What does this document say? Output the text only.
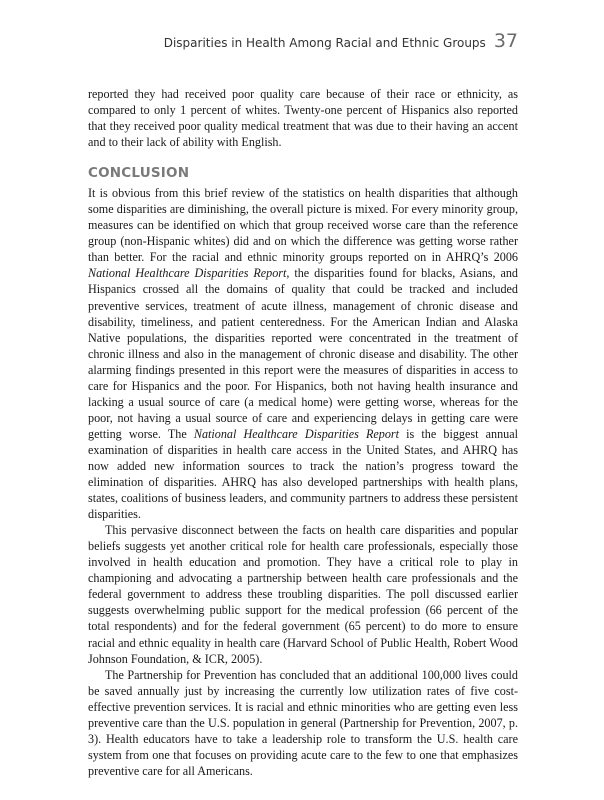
Disparities in Health Among Racial and Ethnic Groups 37

reported they had received poor quality care because of their race or ethnicity, as compared to only 1 percent of whites. Twenty-one percent of Hispanics also reported that they received poor quality medical treatment that was due to their having an accent and to their lack of ability with English.

CONCLUSION

It is obvious from this brief review of the statistics on health disparities that although some disparities are diminishing, the overall picture is mixed. For every minority group, measures can be identified on which that group received worse care than the reference group (non-Hispanic whites) did and on which the difference was getting worse rather than better. For the racial and ethnic minority groups reported on in AHRQ’s 2006 National Healthcare Disparities Report, the disparities found for blacks, Asians, and Hispanics crossed all the domains of quality that could be tracked and included preventive services, treatment of acute illness, management of chronic disease and disability, timeliness, and patient centeredness. For the American Indian and Alaska Native populations, the disparities reported were concentrated in the treatment of chronic illness and also in the management of chronic disease and disability. The other alarming findings presented in this report were the measures of disparities in access to care for Hispanics and the poor. For Hispanics, both not having health insurance and lacking a usual source of care (a medical home) were getting worse, whereas for the poor, not having a usual source of care and experiencing delays in getting care were getting worse. The National Healthcare Disparities Report is the biggest annual examination of disparities in health care access in the United States, and AHRQ has now added new information sources to track the nation’s progress toward the elimination of disparities. AHRQ has also developed partnerships with health plans, states, coalitions of business leaders, and community partners to address these persistent disparities.

This pervasive disconnect between the facts on health care disparities and popular beliefs suggests yet another critical role for health care professionals, especially those involved in health education and promotion. They have a critical role to play in championing and advocating a partnership between health care professionals and the federal government to address these troubling disparities. The poll discussed earlier suggests overwhelming public support for the medical profession (66 percent of the total respondents) and for the federal government (65 percent) to do more to ensure racial and ethnic equality in health care (Harvard School of Public Health, Robert Wood Johnson Foundation, & ICR, 2005).

The Partnership for Prevention has concluded that an additional 100,000 lives could be saved annually just by increasing the currently low utilization rates of five cost-effective prevention services. It is racial and ethnic minorities who are getting even less preventive care than the U.S. population in general (Partnership for Prevention, 2007, p. 3). Health educators have to take a leadership role to transform the U.S. health care system from one that focuses on providing acute care to the few to one that emphasizes preventive care for all Americans.
